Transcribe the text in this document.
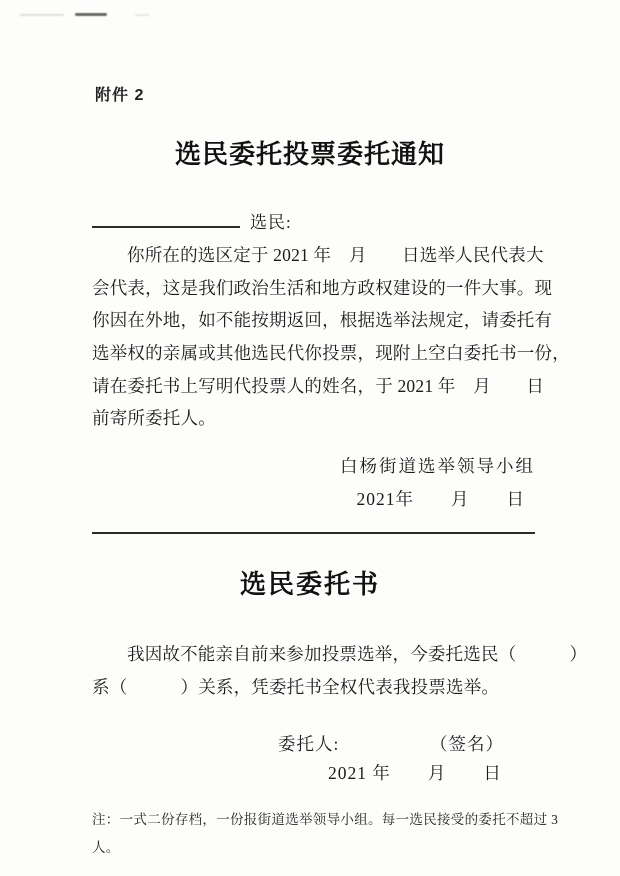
附件 2
选民委托投票委托通知
选民:
你所在的选区定于 2021 年　月　　日选举人民代表大
会代表，这是我们政治生活和地方政权建设的一件大事。现
你因在外地，如不能按期返回，根据选举法规定，请委托有
选举权的亲属或其他选民代你投票，现附上空白委托书一份，
请在委托书上写明代投票人的姓名，于 2021 年　月　　日
前寄所委托人。
白杨街道选举领导小组
2021年　　月　　日
选民委托书
我因故不能亲自前来参加投票选举，今委托选民（　　　）
系（　　　）关系，凭委托书全权代表我投票选举。
委托人:	（签名）
2021 年　　月　　日
注：一式二份存档，一份报街道选举领导小组。每一选民接受的委托不超过 3
人。
